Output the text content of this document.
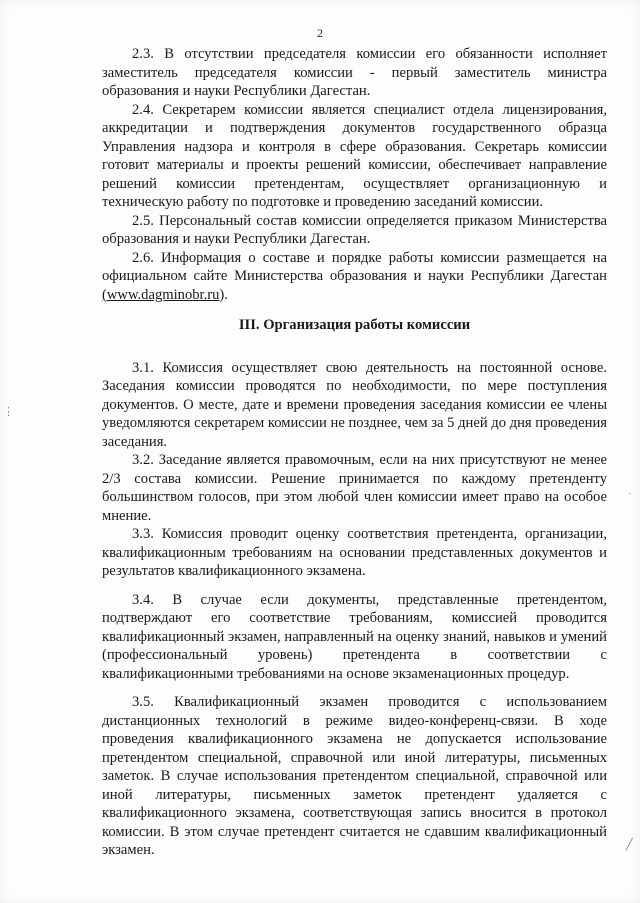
2

2.3. В отсутствии председателя комиссии его обязанности исполняет заместитель председателя комиссии - первый заместитель министра образования и науки Республики Дагестан.

2.4. Секретарем комиссии является специалист отдела лицензирования, аккредитации и подтверждения документов государственного образца Управления надзора и контроля в сфере образования. Секретарь комиссии готовит материалы и проекты решений комиссии, обеспечивает направление решений комиссии претендентам, осуществляет организационную и техническую работу по подготовке и проведению заседаний комиссии.

2.5. Персональный состав комиссии определяется приказом Министерства образования и науки Республики Дагестан.

2.6. Информация о составе и порядке работы комиссии размещается на официальном сайте Министерства образования и науки Республики Дагестан (www.dagminobr.ru).

III. Организация работы комиссии

3.1. Комиссия осуществляет свою деятельность на постоянной основе. Заседания комиссии проводятся по необходимости, по мере поступления документов. О месте, дате и времени проведения заседания комиссии ее члены уведомляются секретарем комиссии не позднее, чем за 5 дней до дня проведения заседания.

3.2. Заседание является правомочным, если на них присутствуют не менее 2/3 состава комиссии. Решение принимается по каждому претенденту большинством голосов, при этом любой член комиссии имеет право на особое мнение.

3.3. Комиссия проводит оценку соответствия претендента, организации, квалификационным требованиям на основании представленных документов и результатов квалификационного экзамена.

3.4. В случае если документы, представленные претендентом, подтверждают его соответствие требованиям, комиссией проводится квалификационный экзамен, направленный на оценку знаний, навыков и умений (профессиональный уровень) претендента в соответствии с квалификационными требованиями на основе экзаменационных процедур.

3.5. Квалификационный экзамен проводится с использованием дистанционных технологий в режиме видео-конференц-связи. В ходе проведения квалификационного экзамена не допускается использование претендентом специальной, справочной или иной литературы, письменных заметок. В случае использования претендентом специальной, справочной или иной литературы, письменных заметок претендент удаляется с квалификационного экзамена, соответствующая запись вносится в протокол комиссии. В этом случае претендент считается не сдавшим квалификационный экзамен.

⋮
·
╱
